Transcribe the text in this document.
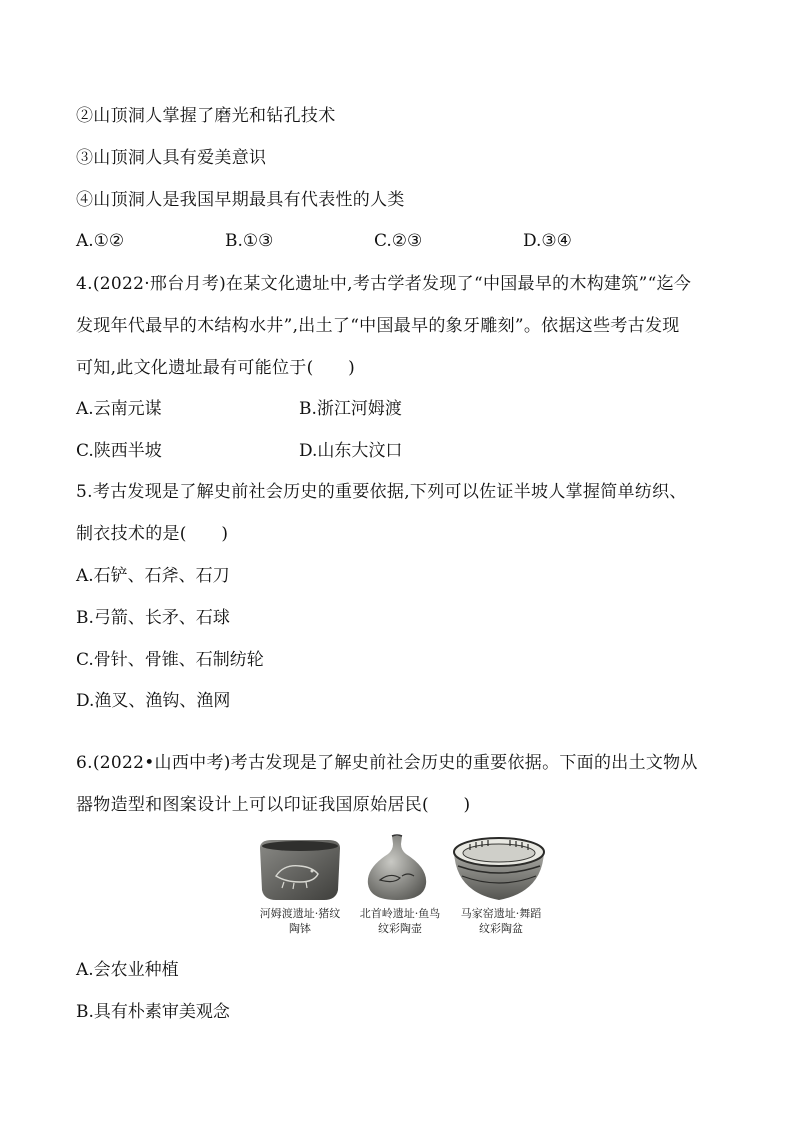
②山顶洞人掌握了磨光和钻孔技术
③山顶洞人具有爱美意识
④山顶洞人是我国早期最具有代表性的人类
A.①②	B.①③	C.②③	D.③④
4.(2022·邢台月考)在某文化遗址中,考古学者发现了“中国最早的木构建筑”“迄今
发现年代最早的木结构水井”,出土了“中国最早的象牙雕刻”。依据这些考古发现
可知,此文化遗址最有可能位于(　　)
A.云南元谋	B.浙江河姆渡
C.陕西半坡	D.山东大汶口
5.考古发现是了解史前社会历史的重要依据,下列可以佐证半坡人掌握简单纺织、
制衣技术的是(　　)
A.石铲、石斧、石刀
B.弓箭、长矛、石球
C.骨针、骨锥、石制纺轮
D.渔叉、渔钩、渔网
6.(2022•山西中考)考古发现是了解史前社会历史的重要依据。下面的出土文物从
器物造型和图案设计上可以印证我国原始居民(　　)
河姆渡遗址·猪纹
陶钵
北首岭遗址·鱼鸟
纹彩陶壶
马家窑遗址·舞蹈
纹彩陶盆
A.会农业种植
B.具有朴素审美观念
